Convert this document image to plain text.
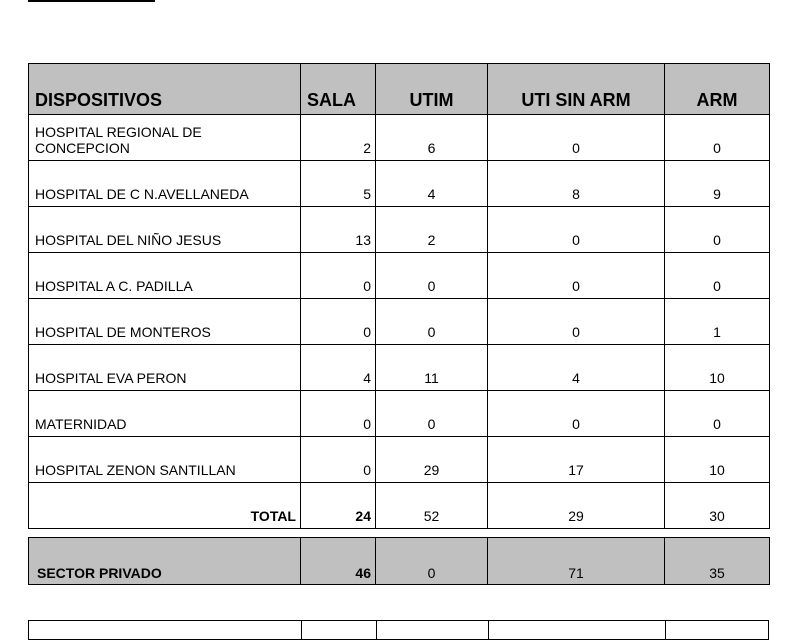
DISPOSITIVOS	SALA	UTIM	UTI SIN ARM	ARM
HOSPITAL REGIONAL DE CONCEPCION	2	6	0	0
HOSPITAL DE C N.AVELLANEDA	5	4	8	9
HOSPITAL DEL NIÑO JESUS	13	2	0	0
HOSPITAL A C. PADILLA	0	0	0	0
HOSPITAL DE MONTEROS	0	0	0	1
HOSPITAL EVA PERON	4	11	4	10
MATERNIDAD	0	0	0	0
HOSPITAL ZENON SANTILLAN	0	29	17	10
TOTAL	24	52	29	30
SECTOR PRIVADO	46	0	71	35
